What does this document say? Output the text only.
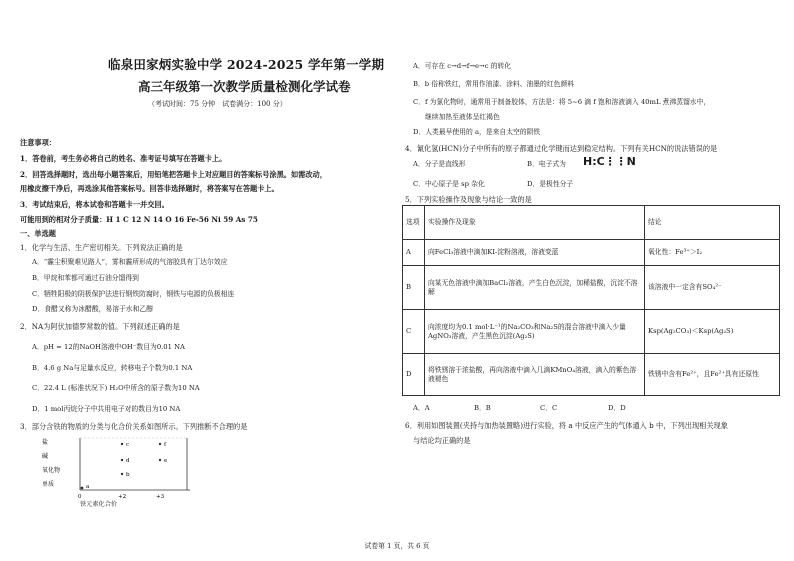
临泉田家炳实验中学 2024-2025 学年第一学期
高三年级第一次教学质量检测化学试卷
（考试时间：75 分钟　试卷满分：100 分）
注意事项：
1．答卷前，考生务必将自己的姓名、准考证号填写在答题卡上。
2．回答选择题时，选出每小题答案后，用铅笔把答题卡上对应题目的答案标号涂黑。如需改动，
用橡皮擦干净后，再选涂其他答案标号。回答非选择题时，将答案写在答题卡上。
3．考试结束后，将本试卷和答题卡一并交回。
可能用到的相对分子质量：H 1 C 12 N 14 O 16 Fe-56 Ni 59 As 75
一、单选题
1．化学与生活、生产密切相关。下列说法正确的是
A．“霾尘积聚难见路人”，雾和霾所形成的气溶胶具有丁达尔效应
B．甲烷和苯都可通过石油分馏得到
C．牺牲阳极的阴极保护法进行钢铁防腐时，钢铁与电源的负极相连
D．食醋又称为冰醋酸，易溶于水和乙醇
2．NA为阿伏加德罗常数的值。下列叙述正确的是
A．pH = 12的NaOH溶液中OH⁻数目为0.01 NA
B．4.6 g Na与足量水反应，转移电子个数为0.1 NA
C．22.4 L (标准状况下) H₂O中所含的原子数为10 NA
D．1 mol丙烷分子中共用电子对的数目为10 NA
3．部分含铁的物质的分类与化合价关系如图所示。下列推断不合理的是
盐
碱
氧化物
单质
c
d
b
f
e
a
0	+2	+3
铁元素化合价
A．可存在 c→d→f→e→c 的转化
B．b 俗称铁红，常用作油漆、涂料、油墨的红色颜料
C．f 为氯化物时，通常用于制备胶体，方法是：将 5~6 滴 f 饱和溶液滴入 40mL 煮沸蒸馏水中，
继续加热至液体呈红褐色
D．人类最早使用的 a，是来自太空的陨铁
4．氰化氢(HCN)分子中所有的原子都通过化学键而达到稳定结构。下列有关HCN的说法错误的是
A．分子是直线形	B．电子式为 H:C⋮⋮N
C．中心原子是 sp 杂化	D．是极性分子
5．下列实验操作及现象与结论一致的是
选项	实验操作及现象	结论
A	向FeCl₃溶液中滴加KI-淀粉溶液，溶液变蓝	氧化性：Fe³⁺＞I₂
B	向某无色溶液中滴加BaCl₂溶液，产生白色沉淀，加稀盐酸，沉淀不溶解	该溶液中一定含有SO₄²⁻
C	向浓度均为0.1 mol·L⁻¹的Na₂CO₃和Na₂S的混合溶液中滴入少量AgNO₃溶液，产生黑色沉淀(Ag₂S)	Ksp(Ag₂CO₃)＜Ksp(Ag₂S)
D	将铁锈溶于浓盐酸，再向溶液中滴入几滴KMnO₄溶液，滴入的紫色溶液褪色	铁锈中含有Fe²⁺，且Fe²⁺具有还原性
A．A	B．B	C．C	D．D
6．利用如图装置(夹持与加热装置略)进行实验，将 a 中反应产生的气体通入 b 中，下列出现相关现象
与结论均正确的是
试卷第 1 页，共 6 页
